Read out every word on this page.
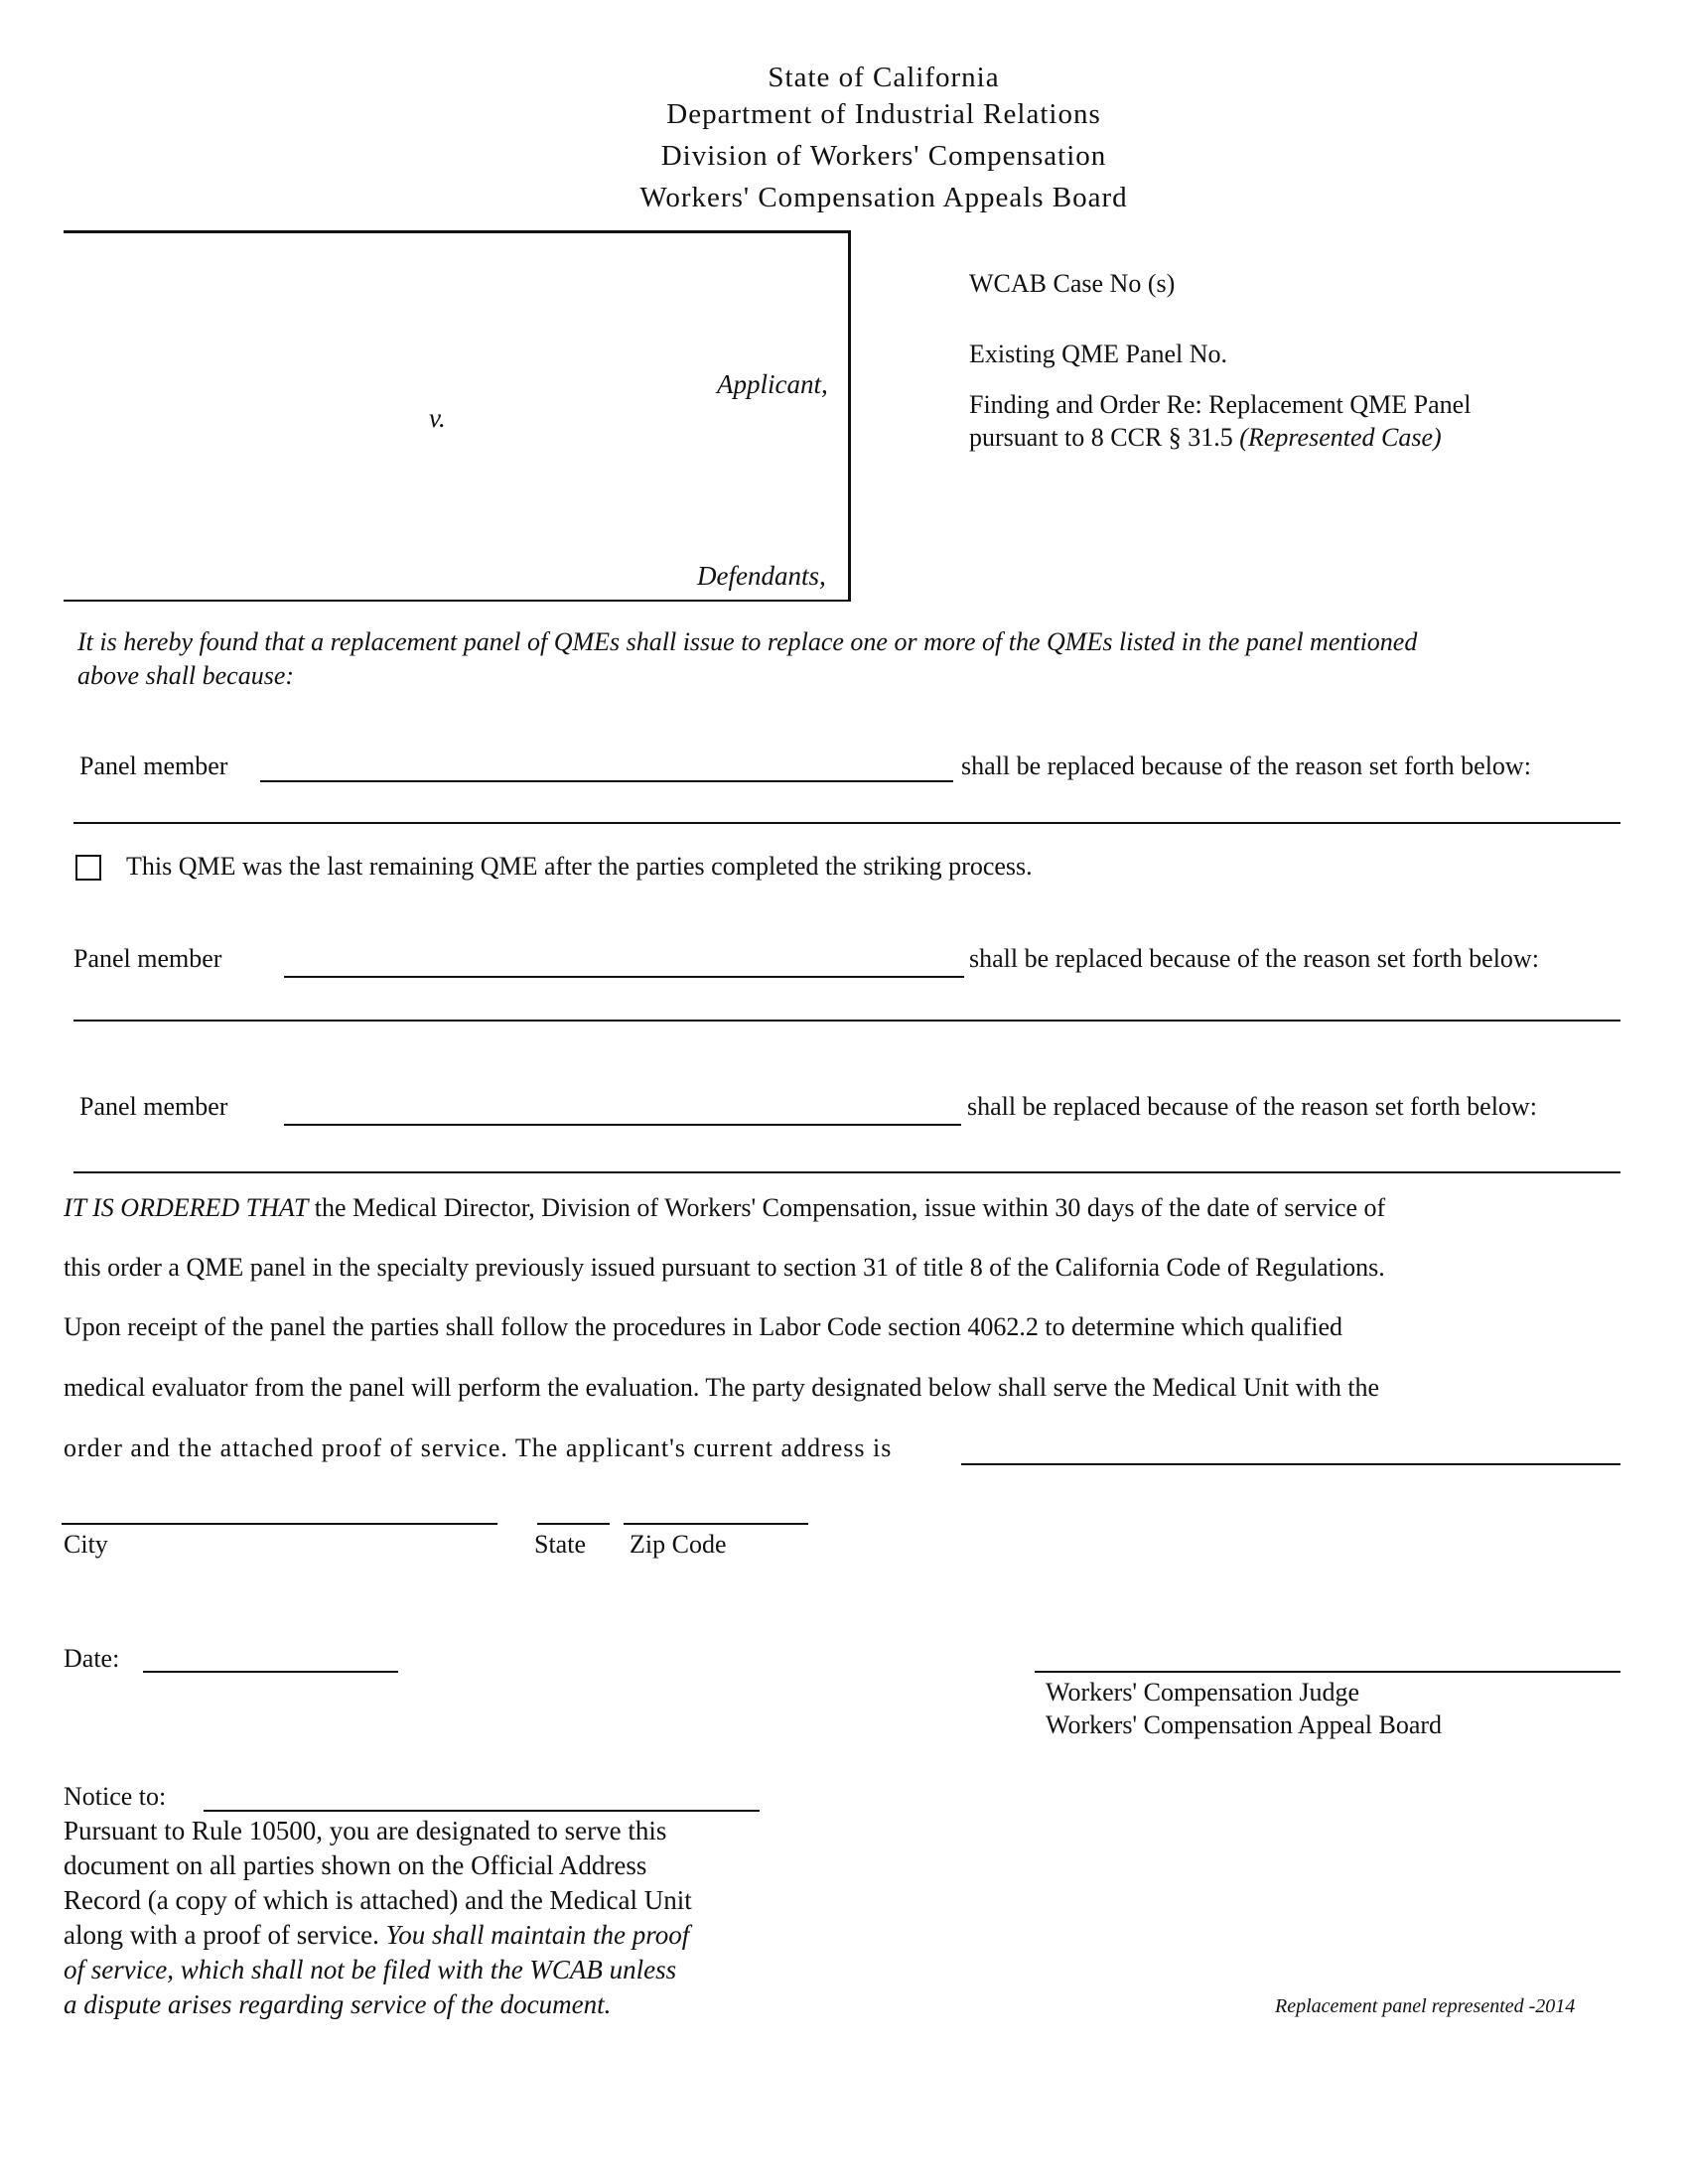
State of California
Department of Industrial Relations
Division of Workers' Compensation
Workers' Compensation Appeals Board
Applicant,
v.
Defendants,
WCAB Case No (s)
Existing QME Panel No.
Finding and Order Re: Replacement QME Panel
pursuant to 8 CCR § 31.5 (Represented Case)
It is hereby found that a replacement panel of QMEs shall issue to replace one or more of the QMEs listed in the panel mentioned
above shall because:
Panel member	shall be replaced because of the reason set forth below:
This QME was the last remaining QME after the parties completed the striking process.
Panel member	shall be replaced because of the reason set forth below:
Panel member	shall be replaced because of the reason set forth below:
IT IS ORDERED THAT the Medical Director, Division of Workers' Compensation, issue within 30 days of the date of service of
this order a QME panel in the specialty previously issued pursuant to section 31 of title 8 of the California Code of Regulations.
Upon receipt of the panel the parties shall follow the procedures in Labor Code section 4062.2 to determine which qualified
medical evaluator from the panel will perform the evaluation. The party designated below shall serve the Medical Unit with the
order and the attached proof of service. The applicant's current address is
City	State Zip Code
Date:
Workers' Compensation Judge
Workers' Compensation Appeal Board
Notice to:
Pursuant to Rule 10500, you are designated to serve this
document on all parties shown on the Official Address
Record (a copy of which is attached) and the Medical Unit
along with a proof of service. You shall maintain the proof
of service, which shall not be filed with the WCAB unless
a dispute arises regarding service of the document.	Replacement panel represented -2014
